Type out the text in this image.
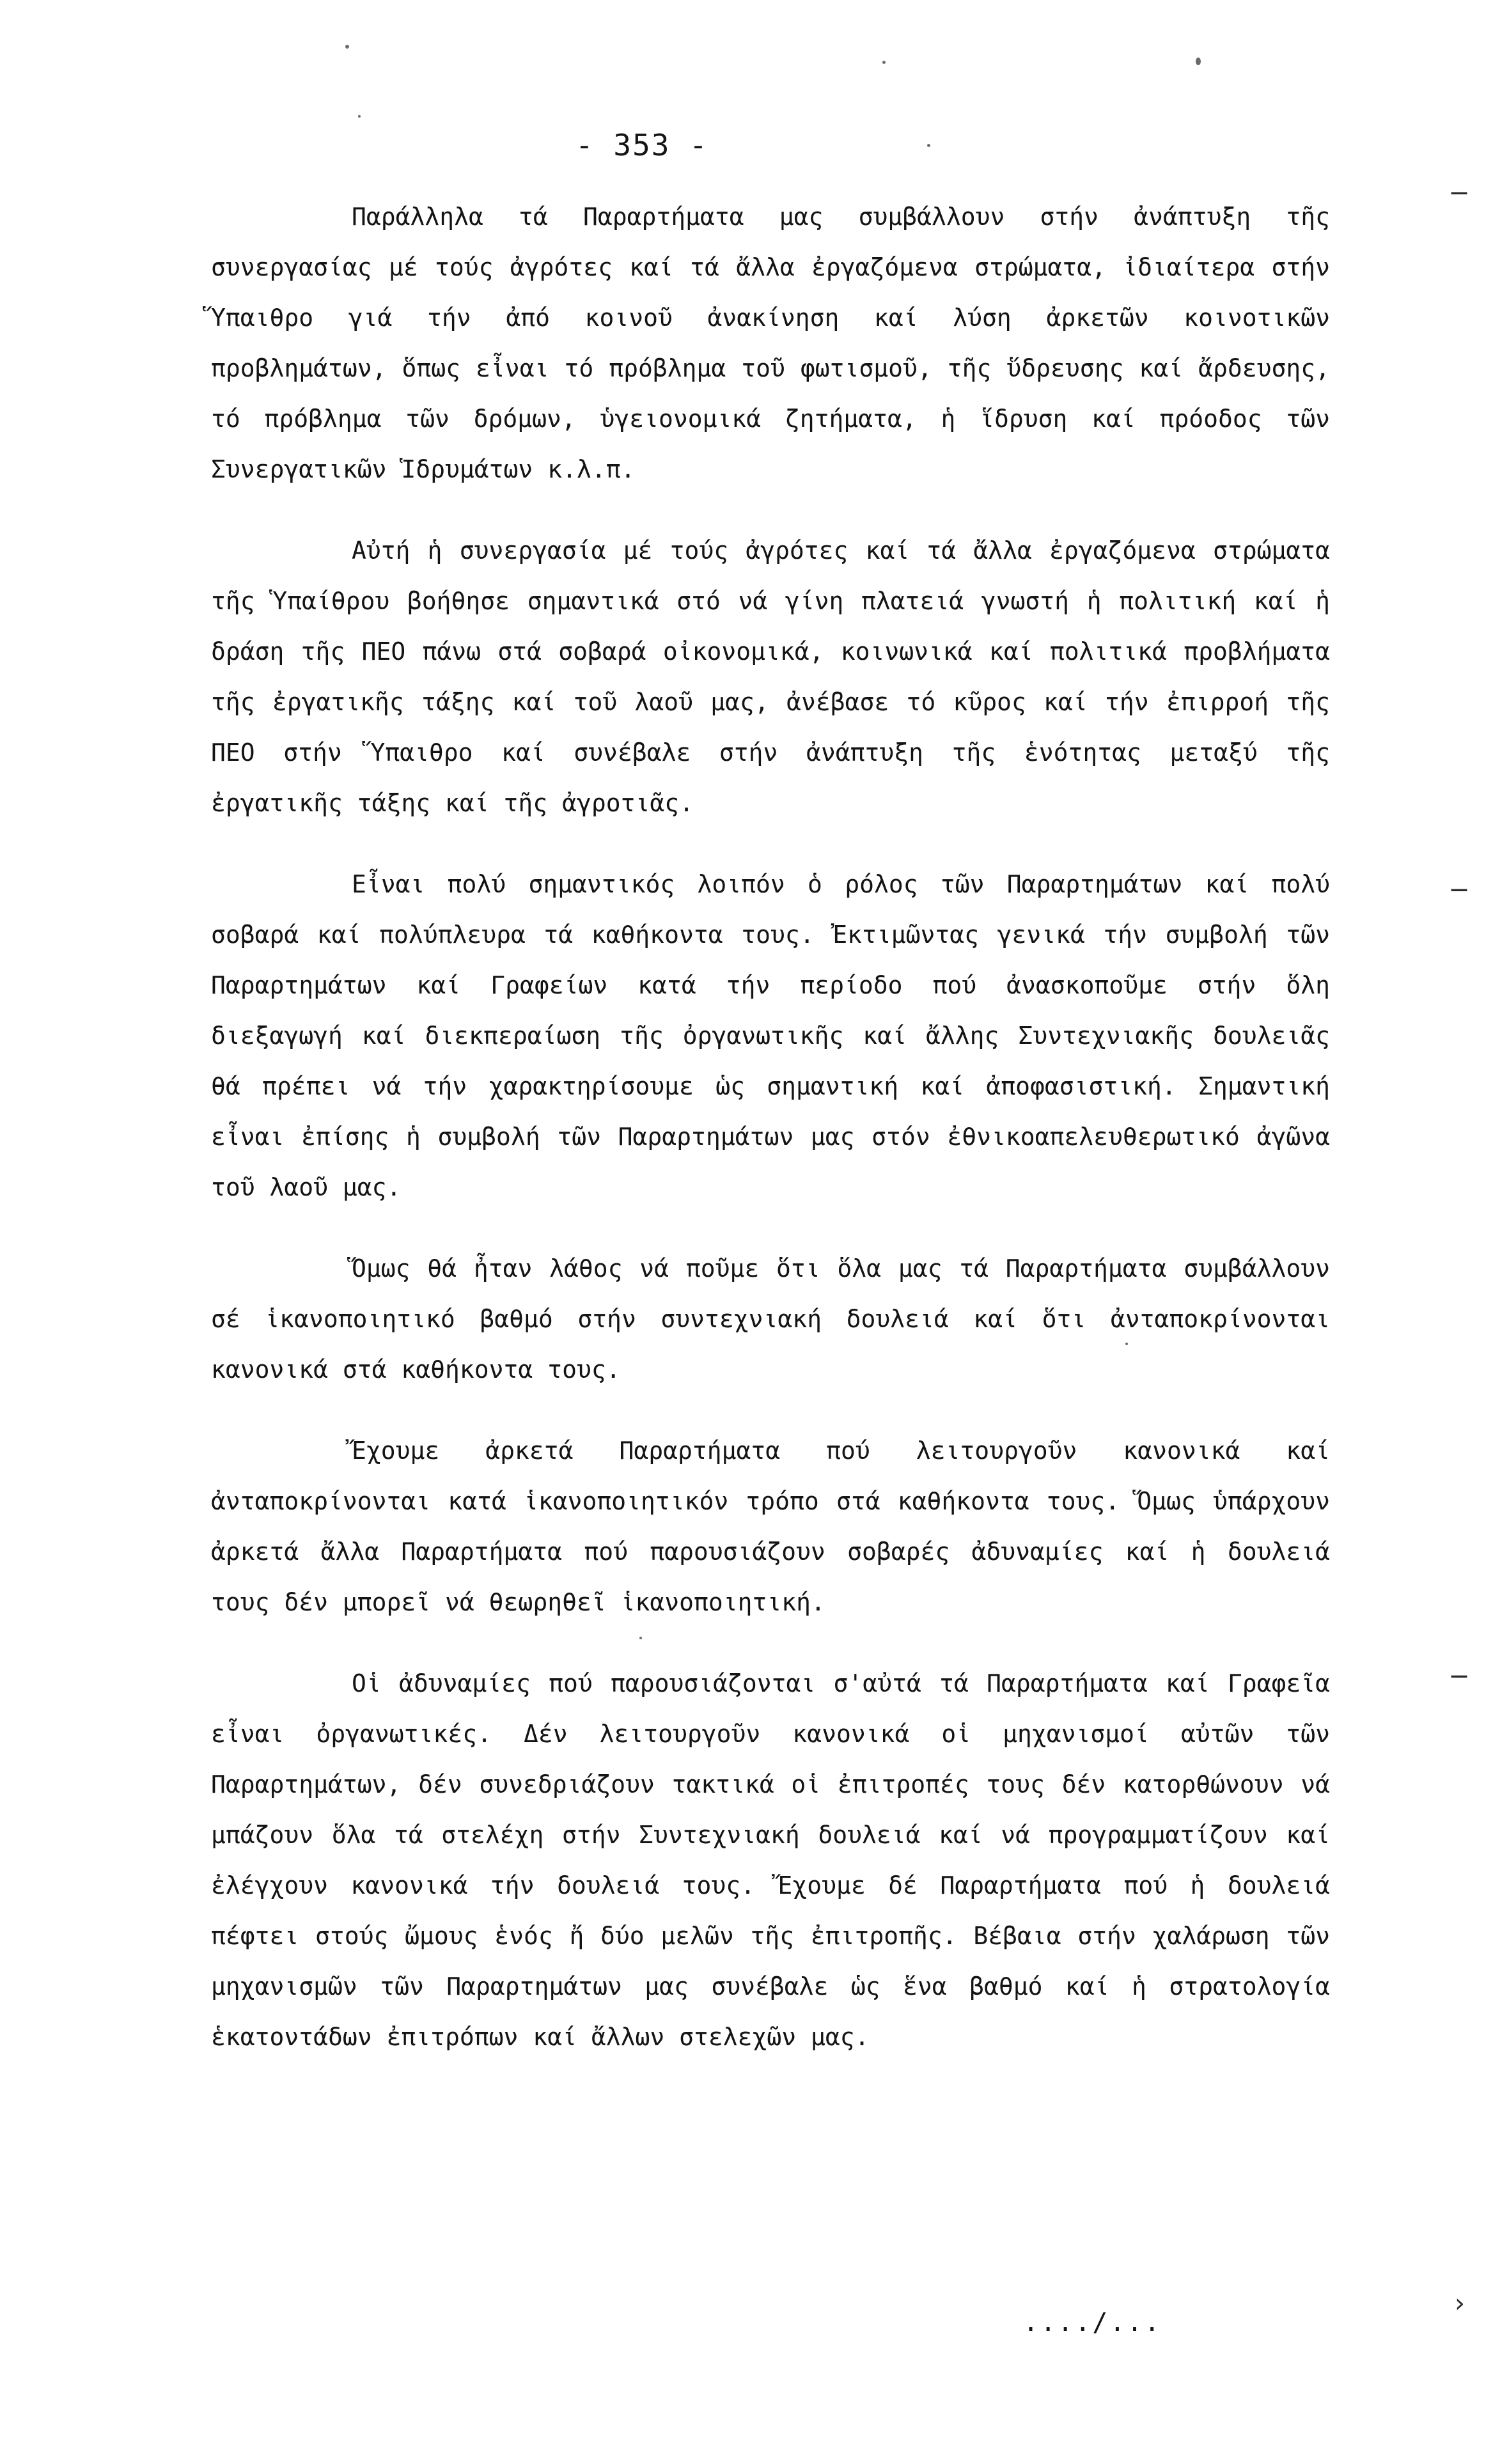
- 353 -

Παράλληλα τά Παραρτήματα μας συμβάλλουν στήν ἀνάπτυξη τῆς συνεργασίας μέ τούς ἀγρότες καί τά ἄλλα ἐργαζόμενα στρώματα, ἰδιαίτερα στήν Ὕπαιθρο γιά τήν ἀπό κοινοῦ ἀνακίνηση καί λύση ἀρκετῶν κοινοτικῶν προβλημάτων, ὅπως εἶναι τό πρόβλημα τοῦ φωτισμοῦ, τῆς ὕδρευσης καί ἄρδευσης, τό πρόβλημα τῶν δρόμων, ὑγειονομικά ζητήματα, ἡ ἵδρυση καί πρόοδος τῶν Συνεργατικῶν Ἱδρυμάτων κ.λ.π.

Αὐτή ἡ συνεργασία μέ τούς ἀγρότες καί τά ἄλλα ἐργαζόμενα στρώματα τῆς Ὑπαίθρου βοήθησε σημαντικά στό νά γίνη πλατειά γνωστή ἡ πολιτική καί ἡ δράση τῆς ΠΕΟ πάνω στά σοβαρά οἰκονομικά, κοινωνικά καί πολιτικά προβλήματα τῆς ἐργατικῆς τάξης καί τοῦ λαοῦ μας, ἀνέβασε τό κῦρος καί τήν ἐπιρροή τῆς ΠΕΟ στήν Ὕπαιθρο καί συνέβαλε στήν ἀνάπτυξη τῆς ἑνότητας μεταξύ τῆς ἐργατικῆς τάξης καί τῆς ἀγροτιᾶς.

Εἶναι πολύ σημαντικός λοιπόν ὁ ρόλος τῶν Παραρτημάτων καί πολύ σοβαρά καί πολύπλευρα τά καθήκοντα τους. Ἐκτιμῶντας γενικά τήν συμβολή τῶν Παραρτημάτων καί Γραφείων κατά τήν περίοδο πού ἀνασκοποῦμε στήν ὅλη διεξαγωγή καί διεκπεραίωση τῆς ὀργανωτικῆς καί ἄλλης Συντεχνιακῆς δουλειᾶς θά πρέπει νά τήν χαρακτηρίσουμε ὡς σημαντική καί ἀποφασιστική. Σημαντική εἶναι ἐπίσης ἡ συμβολή τῶν Παραρτημάτων μας στόν ἐθνικοαπελευθερωτικό ἀγῶνα τοῦ λαοῦ μας.

Ὅμως θά ἦταν λάθος νά ποῦμε ὅτι ὅλα μας τά Παραρτήματα συμβάλλουν σέ ἱκανοποιητικό βαθμό στήν συντεχνιακή δουλειά καί ὅτι ἀνταποκρίνονται κανονικά στά καθήκοντα τους.

Ἔχουμε ἀρκετά Παραρτήματα πού λειτουργοῦν κανονικά καί ἀνταποκρίνονται κατά ἱκανοποιητικόν τρόπο στά καθήκοντα τους. Ὅμως ὑπάρχουν ἀρκετά ἄλλα Παραρτήματα πού παρουσιάζουν σοβαρές ἀδυναμίες καί ἡ δουλειά τους δέν μπορεῖ νά θεωρηθεῖ ἱκανοποιητική.

Οἱ ἀδυναμίες πού παρουσιάζονται σ'αὐτά τά Παραρτήματα καί Γραφεῖα εἶναι ὀργανωτικές. Δέν λειτουργοῦν κανονικά οἱ μηχανισμοί αὐτῶν τῶν Παραρτημάτων, δέν συνεδριάζουν τακτικά οἱ ἐπιτροπές τους δέν κατορθώνουν νά μπάζουν ὅλα τά στελέχη στήν Συντεχνιακή δουλειά καί νά προγραμματίζουν καί ἐλέγχουν κανονικά τήν δουλειά τους. Ἔχουμε δέ Παραρτήματα πού ἡ δουλειά πέφτει στούς ὤμους ἑνός ἤ δύο μελῶν τῆς ἐπιτροπῆς. Βέβαια στήν χαλάρωση τῶν μηχανισμῶν τῶν Παραρτημάτων μας συνέβαλε ὡς ἕνα βαθμό καί ἡ στρατολογία ἑκατοντάδων ἐπιτρόπων καί ἄλλων στελεχῶν μας.

..../...
─
─
─
›
